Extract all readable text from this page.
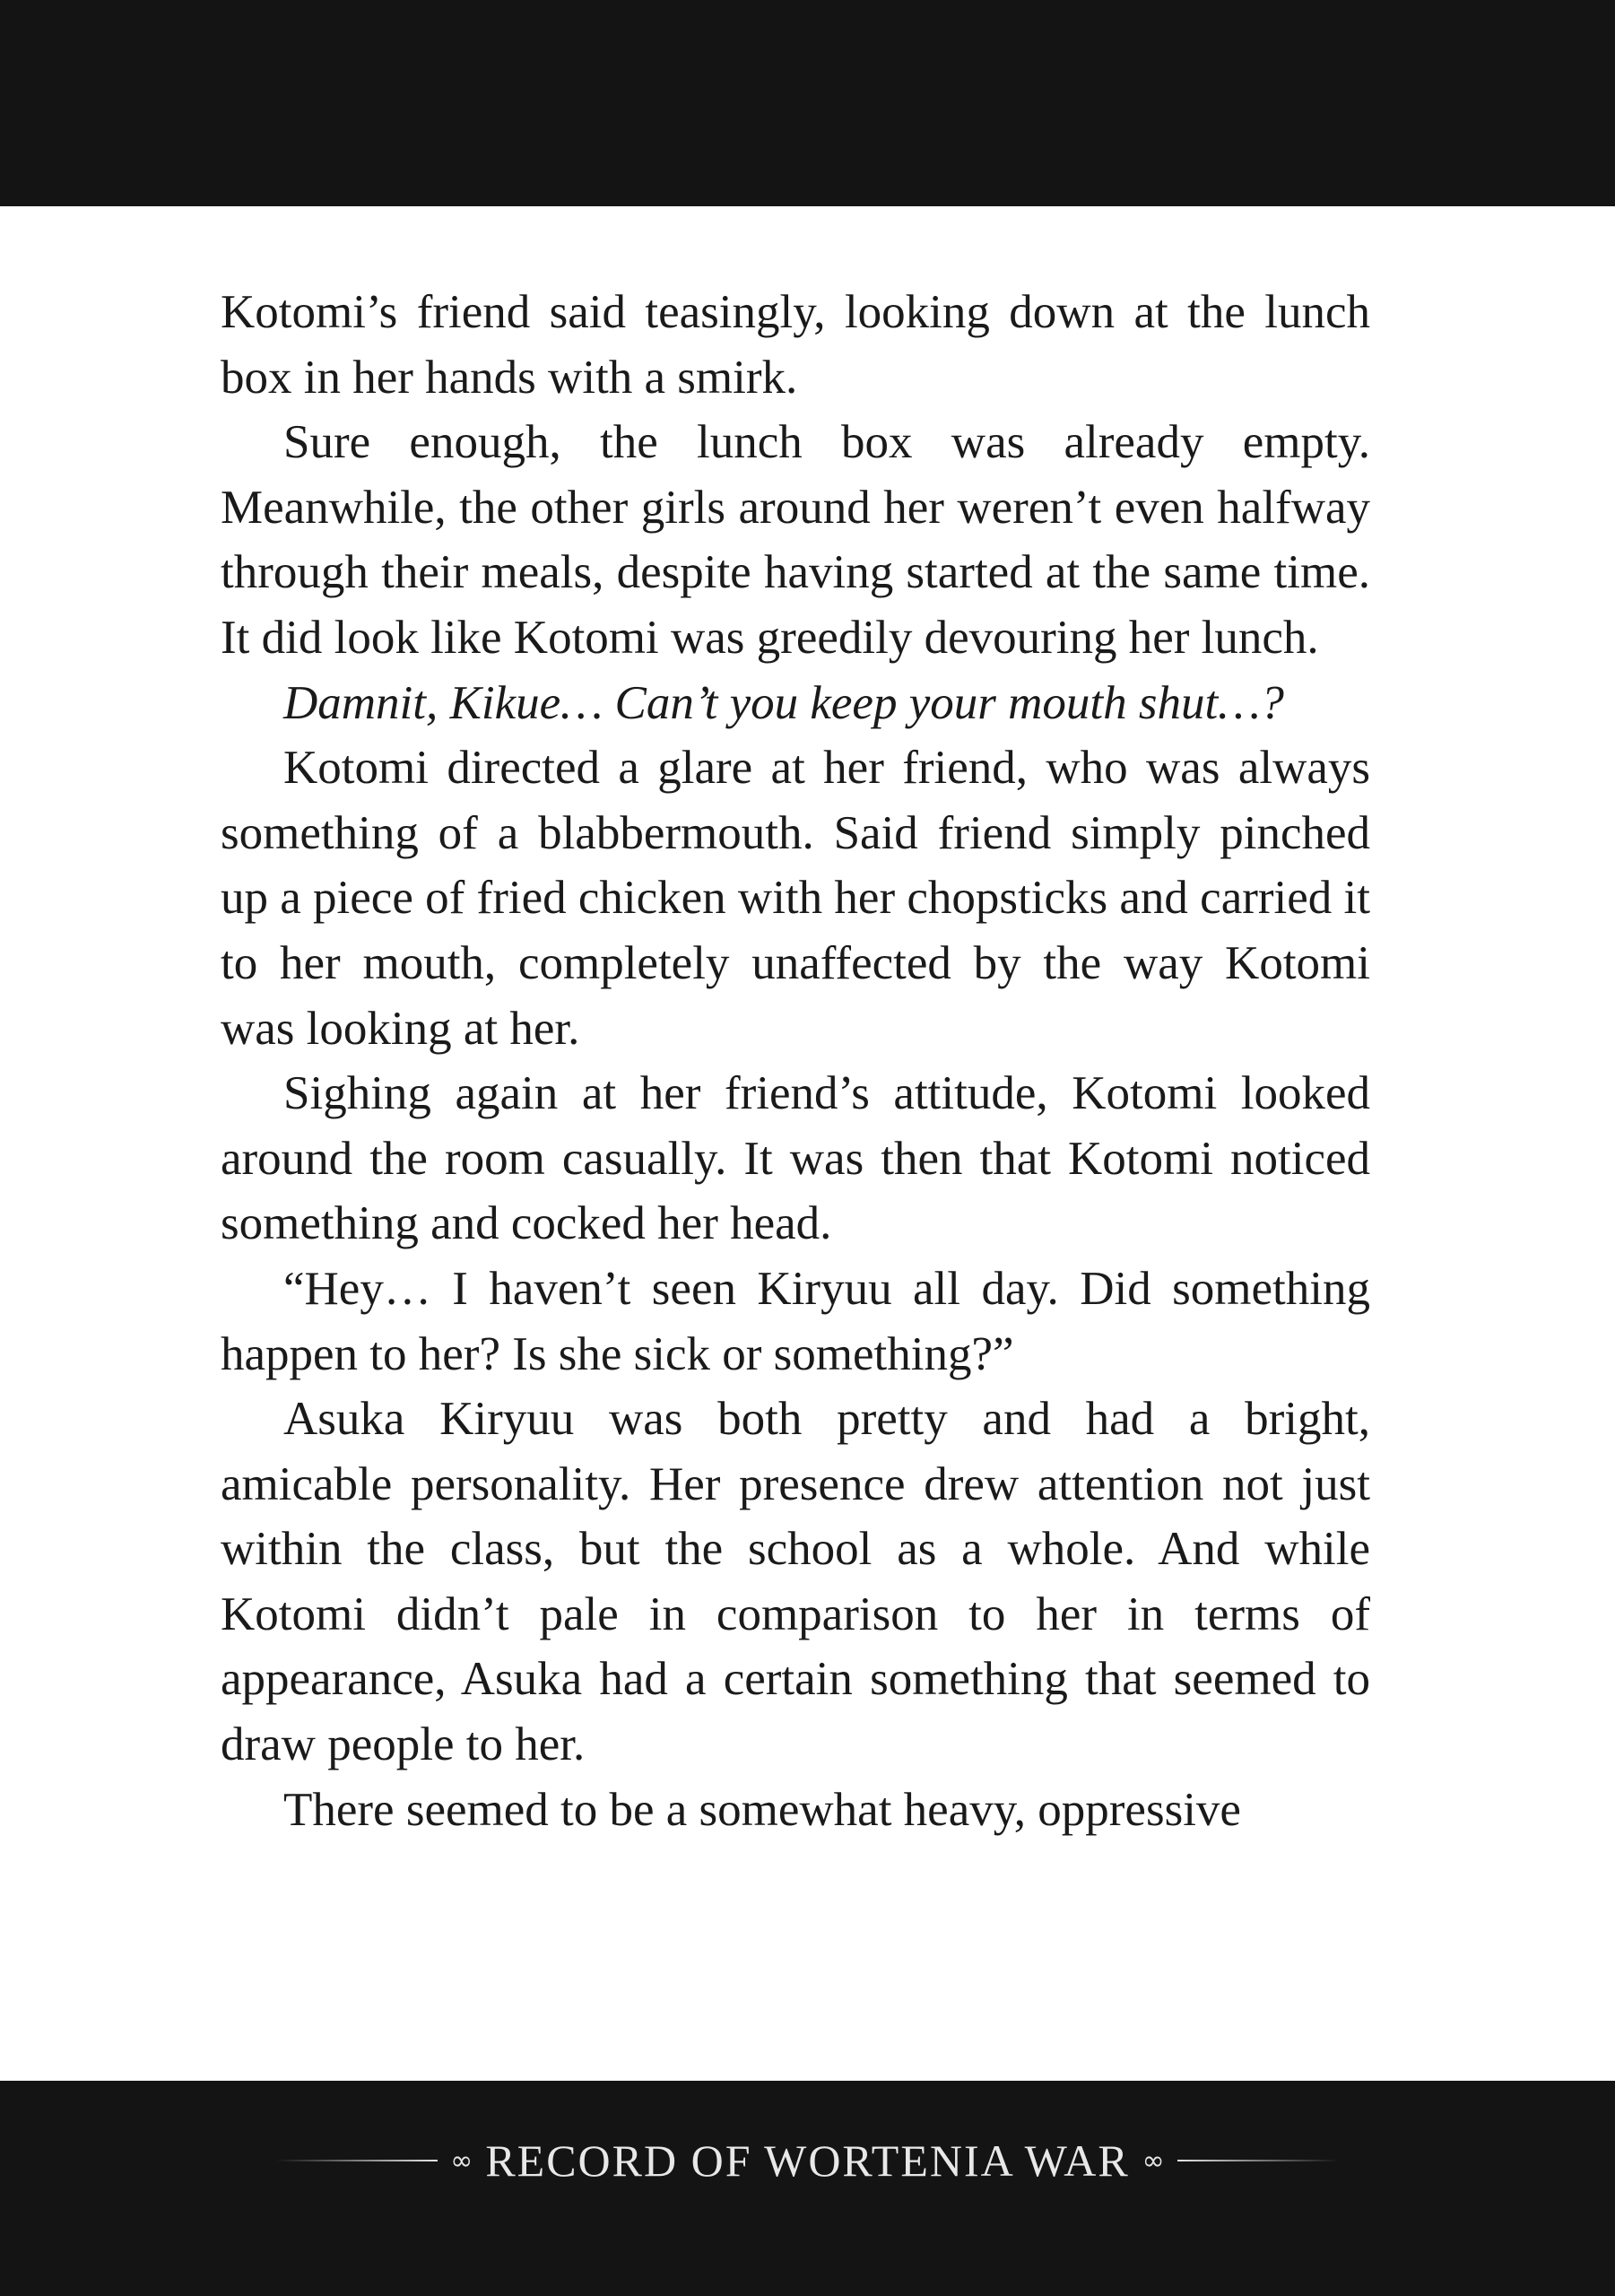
Kotomi’s friend said teasingly, looking down at the lunch box in her hands with a smirk.

Sure enough, the lunch box was already empty. Meanwhile, the other girls around her weren’t even halfway through their meals, despite having started at the same time. It did look like Kotomi was greedily devouring her lunch.

Damnit, Kikue… Can’t you keep your mouth shut…?

Kotomi directed a glare at her friend, who was always something of a blabbermouth. Said friend simply pinched up a piece of fried chicken with her chopsticks and carried it to her mouth, completely unaffected by the way Kotomi was looking at her.

Sighing again at her friend’s attitude, Kotomi looked around the room casually. It was then that Kotomi noticed something and cocked her head.

“Hey… I haven’t seen Kiryuu all day. Did something happen to her? Is she sick or something?”

Asuka Kiryuu was both pretty and had a bright, amicable personality. Her presence drew attention not just within the class, but the school as a whole. And while Kotomi didn’t pale in comparison to her in terms of appearance, Asuka had a certain something that seemed to draw people to her.

There seemed to be a somewhat heavy, oppressive

∞ RECORD OF WORTENIA WAR ∞
